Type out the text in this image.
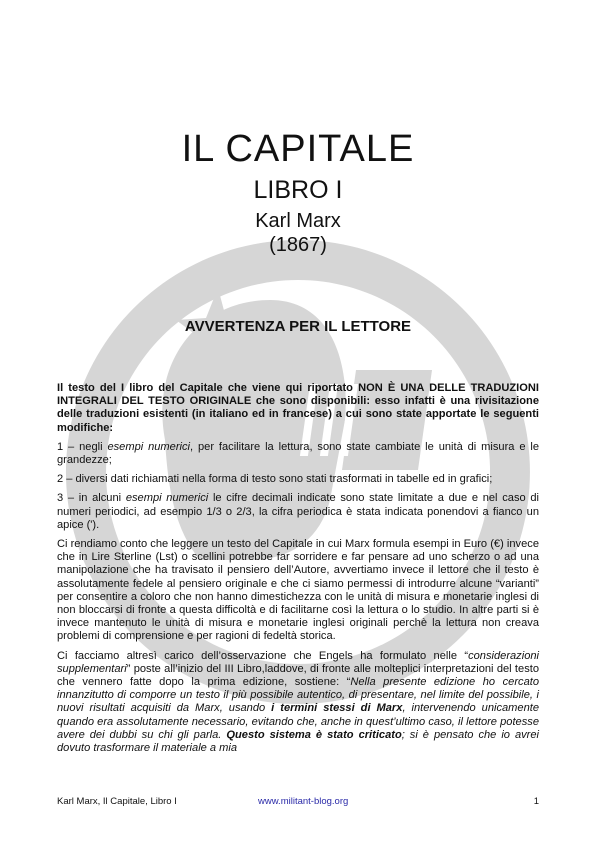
IL CAPITALE
LIBRO I
Karl Marx
(1867)
AVVERTENZA PER IL LETTORE

Il testo del I libro del Capitale che viene qui riportato NON È UNA DELLE TRADUZIONI INTEGRALI DEL TESTO ORIGINALE che sono disponibili: esso infatti è una rivisitazione delle traduzioni esistenti (in italiano ed in francese) a cui sono state apportate le seguenti modifiche:

1 – negli esempi numerici, per facilitare la lettura, sono state cambiate le unità di misura e le grandezze;

2 – diversi dati richiamati nella forma di testo sono stati trasformati in tabelle ed in grafici;

3 – in alcuni esempi numerici le cifre decimali indicate sono state limitate a due e nel caso di numeri periodici, ad esempio 1/3 o 2/3, la cifra periodica è stata indicata ponendovi a fianco un apice (').

Ci rendiamo conto che leggere un testo del Capitale in cui Marx formula esempi in Euro (€) invece che in Lire Sterline (Lst) o scellini potrebbe far sorridere e far pensare ad uno scherzo o ad una manipolazione che ha travisato il pensiero dell’Autore, avvertiamo invece il lettore che il testo è assolutamente fedele al pensiero originale e che ci siamo permessi di introdurre alcune “varianti” per consentire a coloro che non hanno dimestichezza con le unità di misura e monetarie inglesi di non bloccarsi di fronte a questa difficoltà e di facilitarne così la lettura o lo studio. In altre parti si è invece mantenuto le unità di misura e monetarie inglesi originali perchè la lettura non creava problemi di comprensione e per ragioni di fedeltà storica.

Ci facciamo altresì carico dell’osservazione che Engels ha formulato nelle “considerazioni supplementari” poste all’inizio del III Libro,laddove, di fronte alle molteplici interpretazioni del testo che vennero fatte dopo la prima edizione, sostiene: “Nella presente edizione ho cercato innanzitutto di comporre un testo il più possibile autentico, di presentare, nel limite del possibile, i nuovi risultati acquisiti da Marx, usando i termini stessi di Marx, intervenendo unicamente quando era assolutamente necessario, evitando che, anche in quest’ultimo caso, il lettore potesse avere dei dubbi su chi gli parla. Questo sistema è stato criticato; si è pensato che io avrei dovuto trasformare il materiale a mia

Karl Marx, Il Capitale, Libro I	www.militant-blog.org	1
